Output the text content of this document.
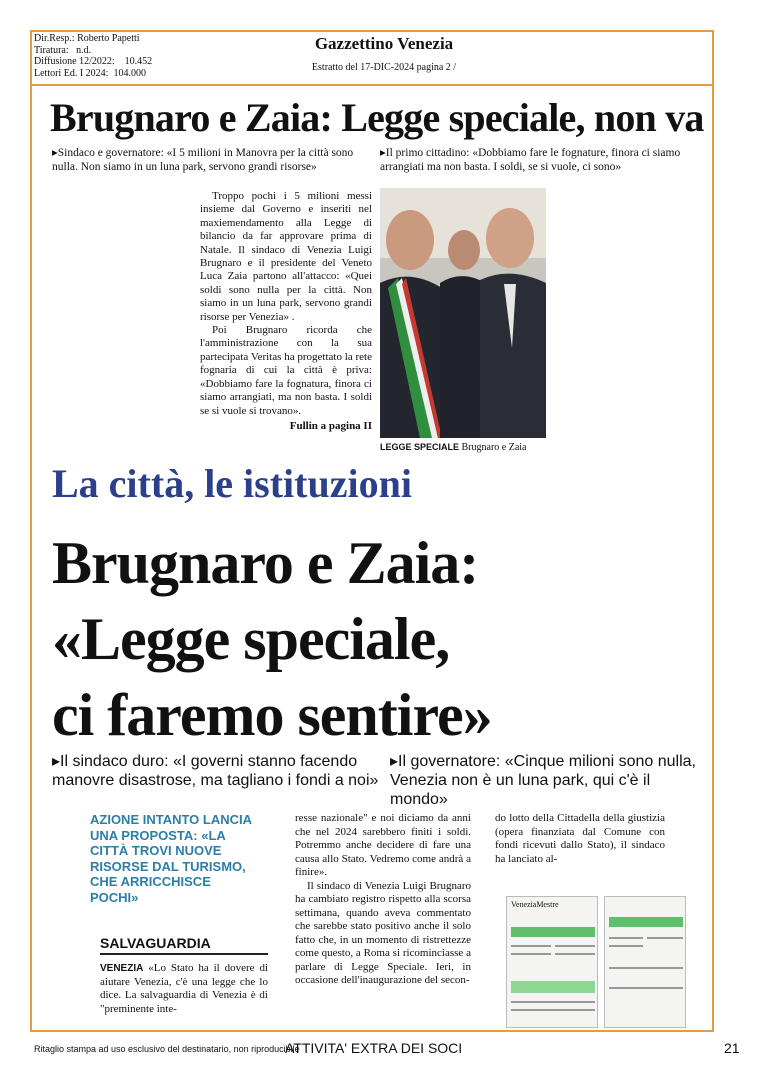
Dir.Resp.: Roberto Papetti
Tiratura: n.d.
Diffusione 12/2022: 10.452
Lettori Ed. I 2024: 104.000
Gazzettino Venezia
Estratto del 17-DIC-2024 pagina 2 /
Brugnaro e Zaia: Legge speciale, non va
▸Sindaco e governatore: «I 5 milioni in Manovra per la città sono nulla. Non siamo in un luna park, servono grandi risorse»
▸Il primo cittadino: «Dobbiamo fare le fognature, finora ci siamo arrangiati ma non basta. I soldi, se si vuole, ci sono»

Troppo pochi i 5 milioni messi insieme dal Governo e inseriti nel maxiemendamento alla Legge di bilancio da far approvare prima di Natale. Il sindaco di Venezia Luigi Brugnaro e il presidente del Veneto Luca Zaia partono all'attacco: «Quei soldi sono nulla per la città. Non siamo in un luna park, servono grandi risorse per Venezia» .

Poi Brugnaro ricorda che l'amministrazione con la sua partecipata Veritas ha progettato la rete fognaria di cui la città è priva: «Dobbiamo fare la fognatura, finora ci siamo arrangiati, ma non basta. I soldi se si vuole si trovano».

Fullin a pagina II

LEGGE SPECIALE Brugnaro e Zaia
La città, le istituzioni
Brugnaro e Zaia:
«Legge speciale,
ci faremo sentire»
▸Il sindaco duro: «I governi stanno facendo manovre disastrose, ma tagliano i fondi a noi»
▸Il governatore: «Cinque milioni sono nulla, Venezia non è un luna park, qui c'è il mondo»
AZIONE INTANTO LANCIA UNA PROPOSTA: «LA CITTÀ TROVI NUOVE RISORSE DAL TURISMO, CHE ARRICCHISCE POCHI»
SALVAGUARDIA
VENEZIA «Lo Stato ha il dovere di aiutare Venezia, c'è una legge che lo dice. La salvaguardia di Venezia è di "preminente inte-

resse nazionale" e noi diciamo da anni che nel 2024 sarebbero finiti i soldi. Potremmo anche decidere di fare una causa allo Stato. Vedremo come andrà a finire».

Il sindaco di Venezia Luigi Brugnaro ha cambiato registro rispetto alla scorsa settimana, quando aveva commentato che sarebbe stato positivo anche il solo fatto che, in un momento di ristrettezze come questo, a Roma si ricominciasse a parlare di Legge Speciale. Ieri, in occasione dell'inaugurazione del secon-

do lotto della Cittadella della giustizia (opera finanziata dal Comune con fondi ricevuti dallo Stato), il sindaco ha lanciato al-
VeneziaMestre
Ritaglio stampa ad uso esclusivo del destinatario, non riproducibile
ATTIVITA' EXTRA DEI SOCI	21
